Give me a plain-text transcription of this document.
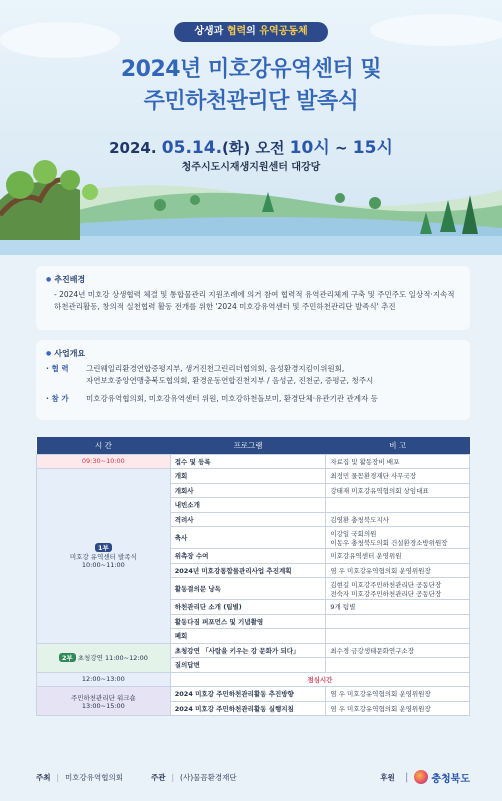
상생과 협력의 유역공동체
2024년 미호강유역센터 및
주민하천관리단 발족식
2024. 05.14.(화) 오전 10시 ~ 15시
청주시도시재생지원센터 대강당
● 추진배경
- 2024년 미호강 상생협력 체결 및 통합물관리 지원조례에 의거 참여 협력적 유역관리체계 구축 및 주민주도 일상적·지속적 하천관리활동, 창의적 실천협력 활동 전개를 위한 '2024 미호강유역센터 및 주민하천관리단 발족식' 추진
● 사업개요
· 협 력	그린웨일리환경연합증평지부, 생거진천그린리더협의회, 음성환경지킴이위원회,
자연보호중앙연맹충북도협의회, 환경운동연합진천지부 / 음성군, 진천군, 증평군, 청주시
· 참 가	미호강유역협의회, 미호강유역센터 위원, 미호강하천돌보미, 환경단체·유관기관 관계자 등
시 간	프로그램	비 고
09:30~10:00	접수 및 등록	자료집 및 활동장비 배포
1부
미호강 유역센터 발족식
10:00~11:00	개회	최정민 물꼼환경재단 사무국장
	개회사	강태재 미호강유역협의회 상임대표
	내빈소개	
	격려사	김영환 충청북도지사
	축사	이강일 국회의원
이동우 충청북도의회 건설환경소방위원장

	위촉장 수여	미호강유역센터 운영위원
	2024년 미호강통합물관리사업 추진계획	염 우 미호강유역협의회 운영위원장
	활동결의문 낭독	김현길 미호강주민하천관리단 공동단장
전숙자 미호강주민하천관리단 공동단장

	하천관리단 소개 (팀별)	9개 팀별
	활동다짐 퍼포먼스 및 기념촬영	
	폐회	
2부 초청강연 11:00~12:00	초청강연 「사람을 키우는 강 문화가 되다」	최수경 금강생태문화연구소장
	질의답변	
12:00~13:00	점심시간	
주민하천관리단 워크숍
13:00~15:00	2024 미호강 주민하천관리활동 추진방향	염 우 미호강유역협의회 운영위원장
	2024 미호강 주민하천관리활동 실행지침	염 우 미호강유역협의회 운영위원장
주최 | 미호강유역협의회	주관 | (사)물꼼환경재단	후원 | 충청북도
